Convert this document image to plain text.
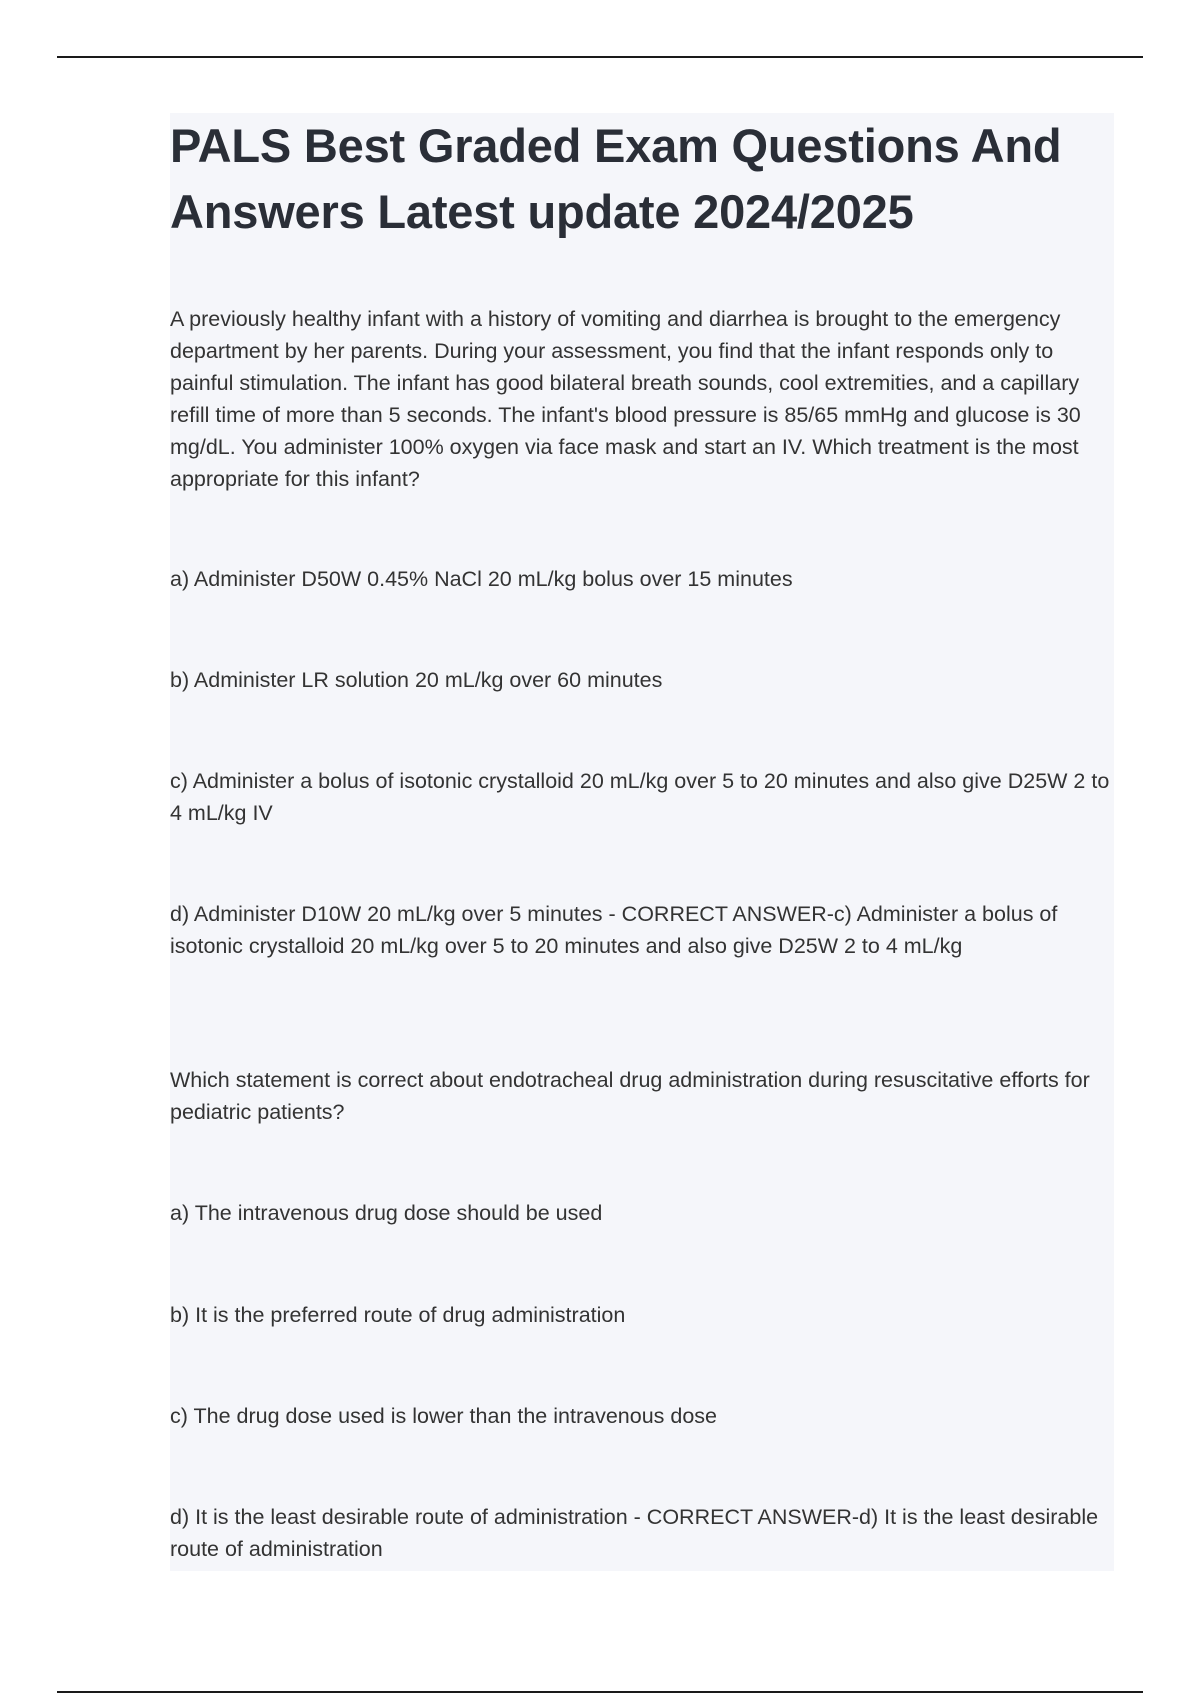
PALS Best Graded Exam Questions And Answers Latest update 2024/2025

A previously healthy infant with a history of vomiting and diarrhea is brought to the emergency department by her parents. During your assessment, you find that the infant responds only to painful stimulation. The infant has good bilateral breath sounds, cool extremities, and a capillary refill time of more than 5 seconds. The infant's blood pressure is 85/65 mmHg and glucose is 30 mg/dL. You administer 100% oxygen via face mask and start an IV. Which treatment is the most appropriate for this infant?

a) Administer D50W 0.45% NaCl 20 mL/kg bolus over 15 minutes

b) Administer LR solution 20 mL/kg over 60 minutes

c) Administer a bolus of isotonic crystalloid 20 mL/kg over 5 to 20 minutes and also give D25W 2 to 4 mL/kg IV

d) Administer D10W 20 mL/kg over 5 minutes - CORRECT ANSWER-c) Administer a bolus of isotonic crystalloid 20 mL/kg over 5 to 20 minutes and also give D25W 2 to 4 mL/kg

Which statement is correct about endotracheal drug administration during resuscitative efforts for pediatric patients?

a) The intravenous drug dose should be used

b) It is the preferred route of drug administration

c) The drug dose used is lower than the intravenous dose

d) It is the least desirable route of administration - CORRECT ANSWER-d) It is the least desirable route of administration
